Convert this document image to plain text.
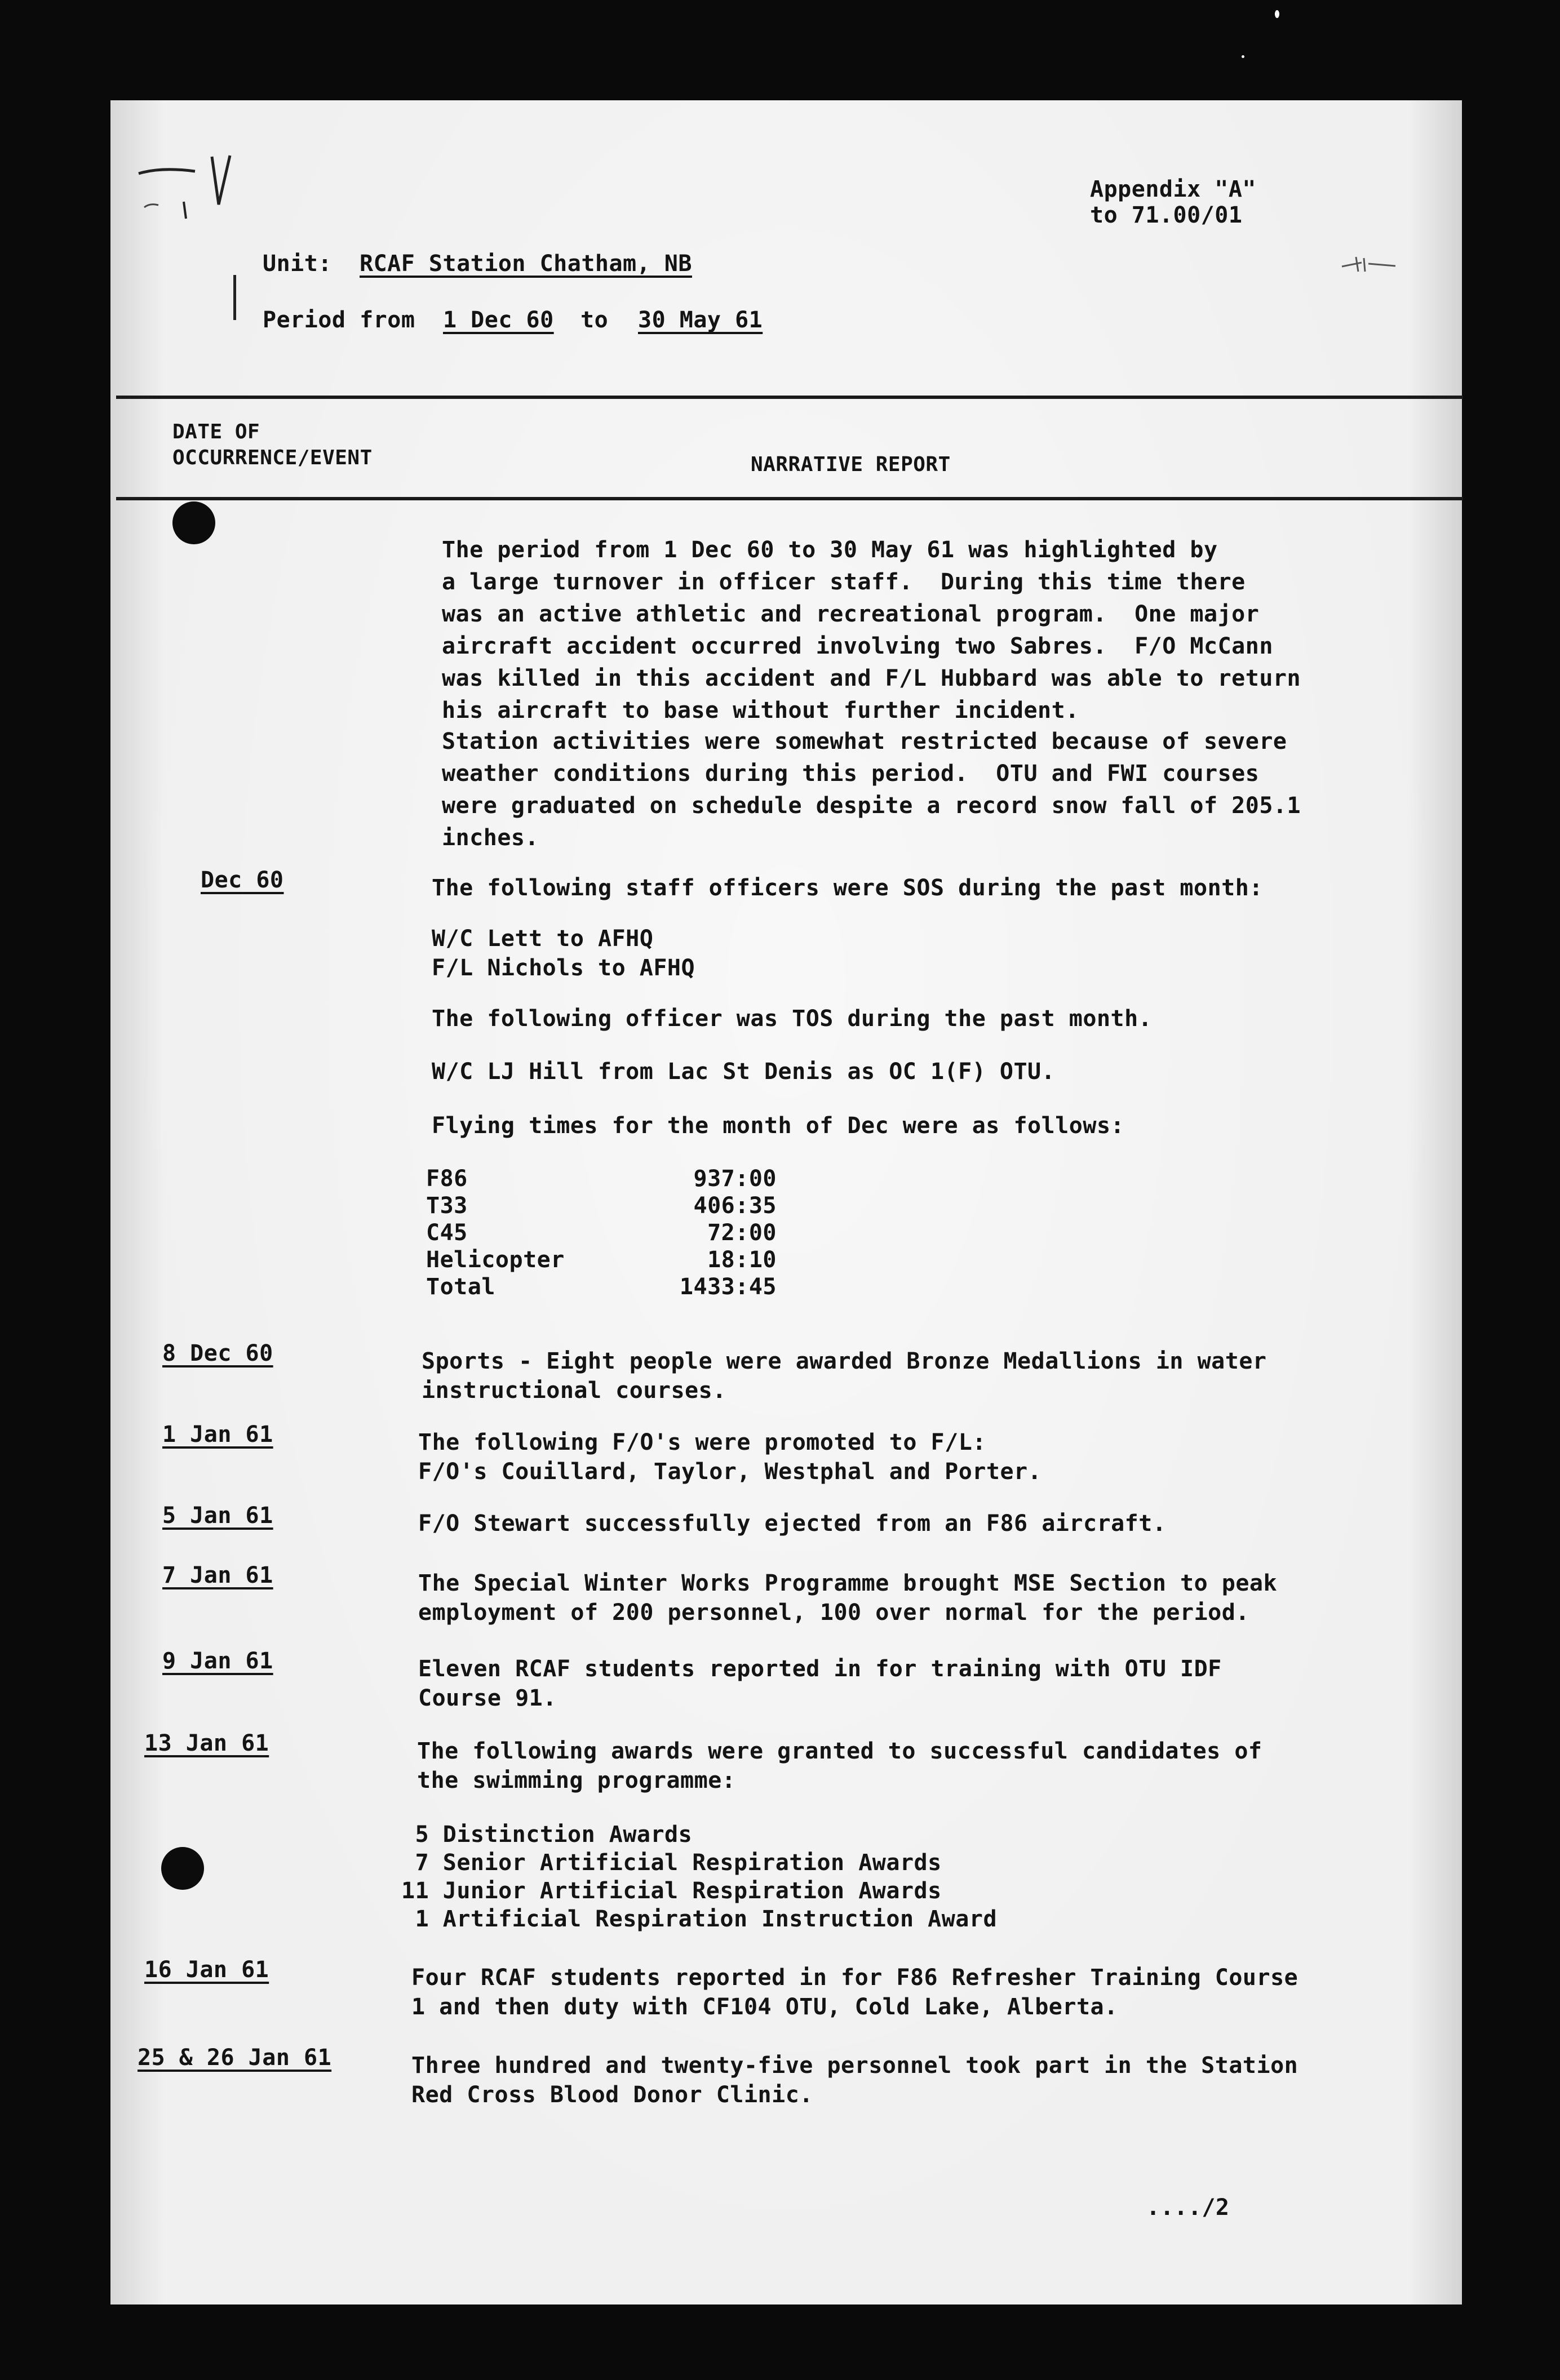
Appendix "A"
to 71.00/01
Unit: RCAF Station Chatham, NB
Period from 1 Dec 60 to 30 May 61
DATE OF
OCCURRENCE/EVENT	NARRATIVE REPORT
The period from 1 Dec 60 to 30 May 61 was highlighted by
a large turnover in officer staff.  During this time there
was an active athletic and recreational program.  One major
aircraft accident occurred involving two Sabres.  F/O McCann
was killed in this accident and F/L Hubbard was able to return
his aircraft to base without further incident.
Station activities were somewhat restricted because of severe
weather conditions during this period.  OTU and FWI courses
were graduated on schedule despite a record snow fall of 205.1
inches.
Dec 60	The following staff officers were SOS during the past month:
W/C Lett to AFHQ
F/L Nichols to AFHQ
The following officer was TOS during the past month.
W/C LJ Hill from Lac St Denis as OC 1(F) OTU.
Flying times for the month of Dec were as follows:
F86	937:00
T33	406:35
C45	72:00
Helicopter	18:10
Total	1433:45
8 Dec 60	Sports - Eight people were awarded Bronze Medallions in water
instructional courses.
1 Jan 61	The following F/O's were promoted to F/L:
F/O's Couillard, Taylor, Westphal and Porter.
5 Jan 61	F/O Stewart successfully ejected from an F86 aircraft.
7 Jan 61	The Special Winter Works Programme brought MSE Section to peak
employment of 200 personnel, 100 over normal for the period.
9 Jan 61	Eleven RCAF students reported in for training with OTU IDF
Course 91.
13 Jan 61	The following awards were granted to successful candidates of
the swimming programme:
5 Distinction Awards
7 Senior Artificial Respiration Awards
11 Junior Artificial Respiration Awards
1 Artificial Respiration Instruction Award
16 Jan 61	Four RCAF students reported in for F86 Refresher Training Course
1 and then duty with CF104 OTU, Cold Lake, Alberta.
25 & 26 Jan 61	Three hundred and twenty-five personnel took part in the Station
Red Cross Blood Donor Clinic.
..../2
